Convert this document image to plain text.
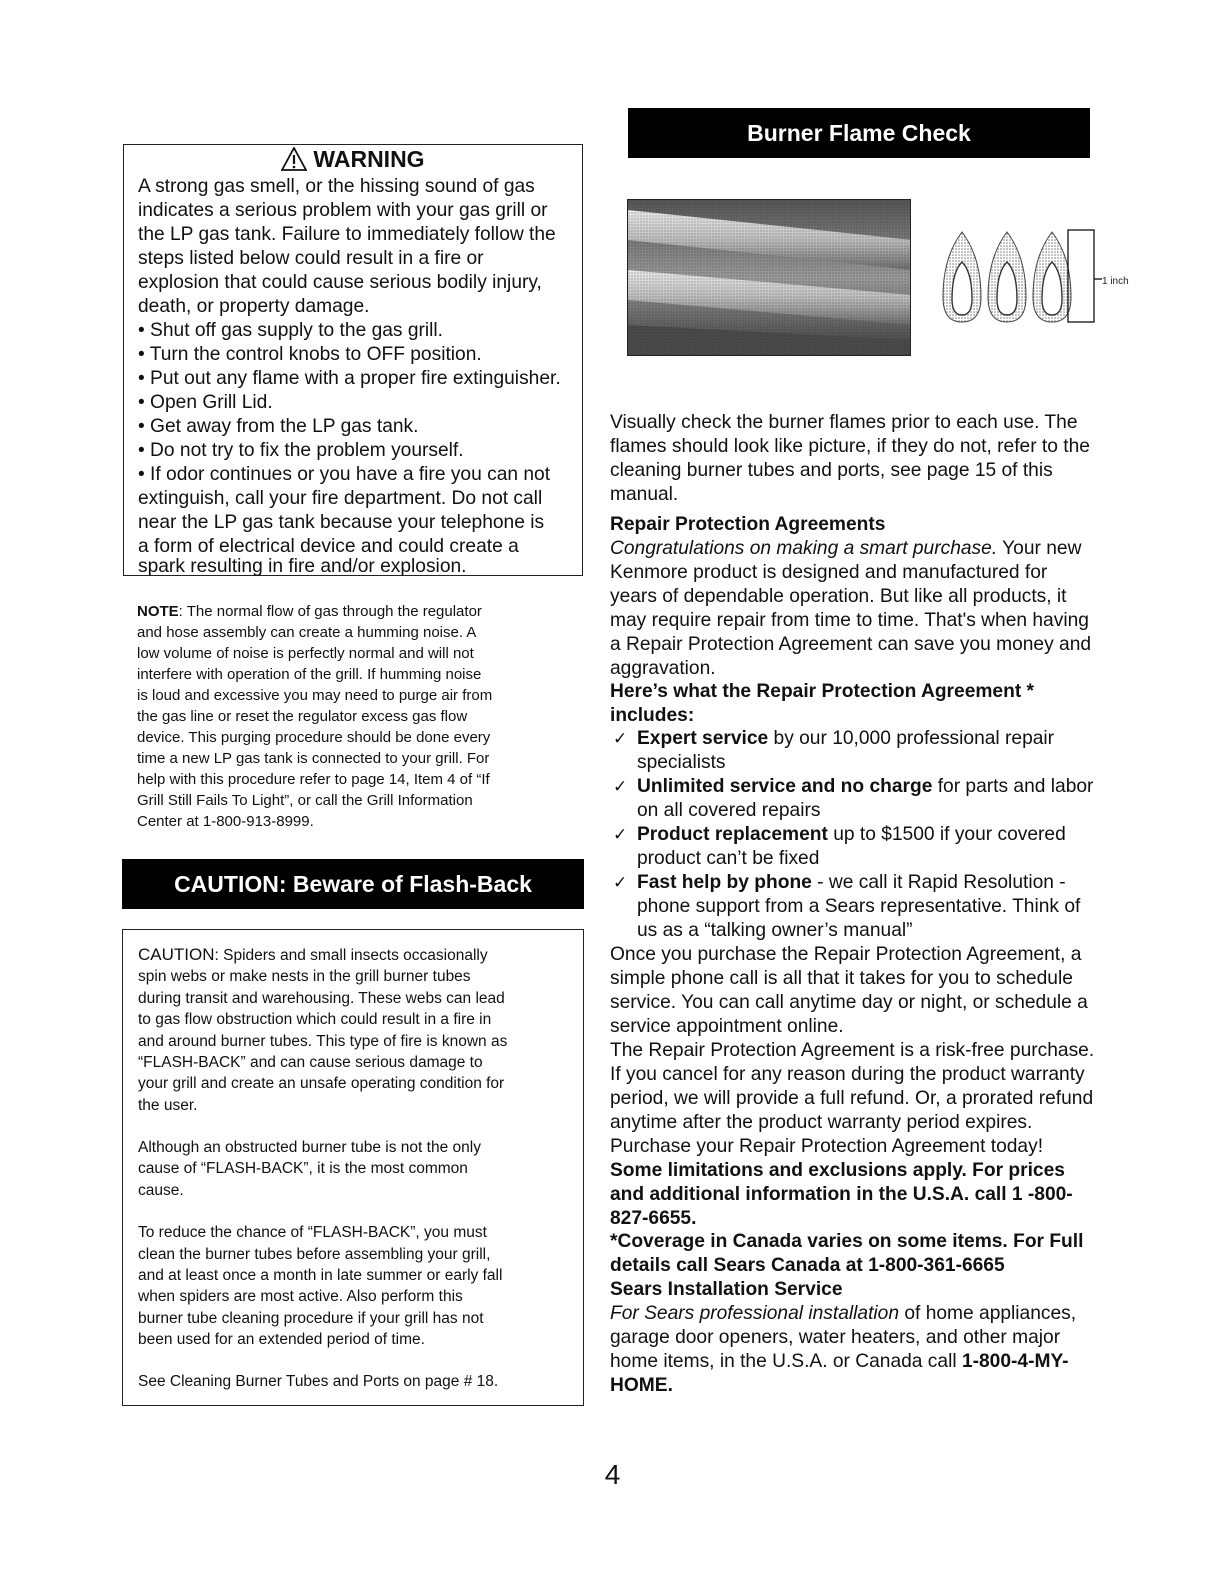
WARNING
A strong gas smell, or the hissing sound of gas
indicates a serious problem with your gas grill or
the LP gas tank. Failure to immediately follow the
steps listed below could result in a fire or
explosion that could cause serious bodily injury,
death, or property damage.
• Shut off gas supply to the gas grill.
• Turn the control knobs to OFF position.
• Put out any flame with a proper fire extinguisher.
• Open Grill Lid.
• Get away from the LP gas tank.
• Do not try to fix the problem yourself.
• If odor continues or you have a fire you can not
extinguish, call your fire department. Do not call
near the LP gas tank because your telephone is
a form of electrical device and could create a
spark resulting in fire and/or explosion.
NOTE: The normal flow of gas through the regulator
and hose assembly can create a humming noise. A
low volume of noise is perfectly normal and will not
interfere with operation of the grill. If humming noise
is loud and excessive you may need to purge air from
the gas line or reset the regulator excess gas flow
device. This purging procedure should be done every
time a new LP gas tank is connected to your grill. For
help with this procedure refer to page 14, Item 4 of “If
Grill Still Fails To Light”, or call the Grill Information
Center at 1-800-913-8999.
CAUTION: Beware of Flash-Back
CAUTION: Spiders and small insects occasionally
spin webs or make nests in the grill burner tubes
during transit and warehousing. These webs can lead
to gas flow obstruction which could result in a fire in
and around burner tubes. This type of fire is known as
“FLASH-BACK” and can cause serious damage to
your grill and create an unsafe operating condition for
the user.
Although an obstructed burner tube is not the only
cause of “FLASH-BACK”, it is the most common
cause.
To reduce the chance of “FLASH-BACK”, you must
clean the burner tubes before assembling your grill,
and at least once a month in late summer or early fall
when spiders are most active. Also perform this
burner tube cleaning procedure if your grill has not
been used for an extended period of time.
See Cleaning Burner Tubes and Ports on page # 18.
Burner Flame Check
1 inch
Visually check the burner flames prior to each use. The
flames should look like picture, if they do not, refer to the
cleaning burner tubes and ports, see page 15 of this
manual.
Repair Protection Agreements
Congratulations on making a smart purchase. Your new
Kenmore product is designed and manufactured for
years of dependable operation. But like all products, it
may require repair from time to time. That's when having
a Repair Protection Agreement can save you money and
aggravation.
Here’s what the Repair Protection Agreement *
includes:
✓ Expert service by our 10,000 professional repair
specialists
✓ Unlimited service and no charge for parts and labor
on all covered repairs
✓ Product replacement up to $1500 if your covered
product can’t be fixed
✓ Fast help by phone - we call it Rapid Resolution -
phone support from a Sears representative. Think of
us as a “talking owner’s manual”
Once you purchase the Repair Protection Agreement, a
simple phone call is all that it takes for you to schedule
service. You can call anytime day or night, or schedule a
service appointment online.
The Repair Protection Agreement is a risk-free purchase.
If you cancel for any reason during the product warranty
period, we will provide a full refund. Or, a prorated refund
anytime after the product warranty period expires.
Purchase your Repair Protection Agreement today!
Some limitations and exclusions apply. For prices
and additional information in the U.S.A. call 1 -800-
827-6655.
*Coverage in Canada varies on some items. For Full
details call Sears Canada at 1-800-361-6665
Sears Installation Service
For Sears professional installation of home appliances,
garage door openers, water heaters, and other major
home items, in the U.S.A. or Canada call 1-800-4-MY-
HOME.
4
